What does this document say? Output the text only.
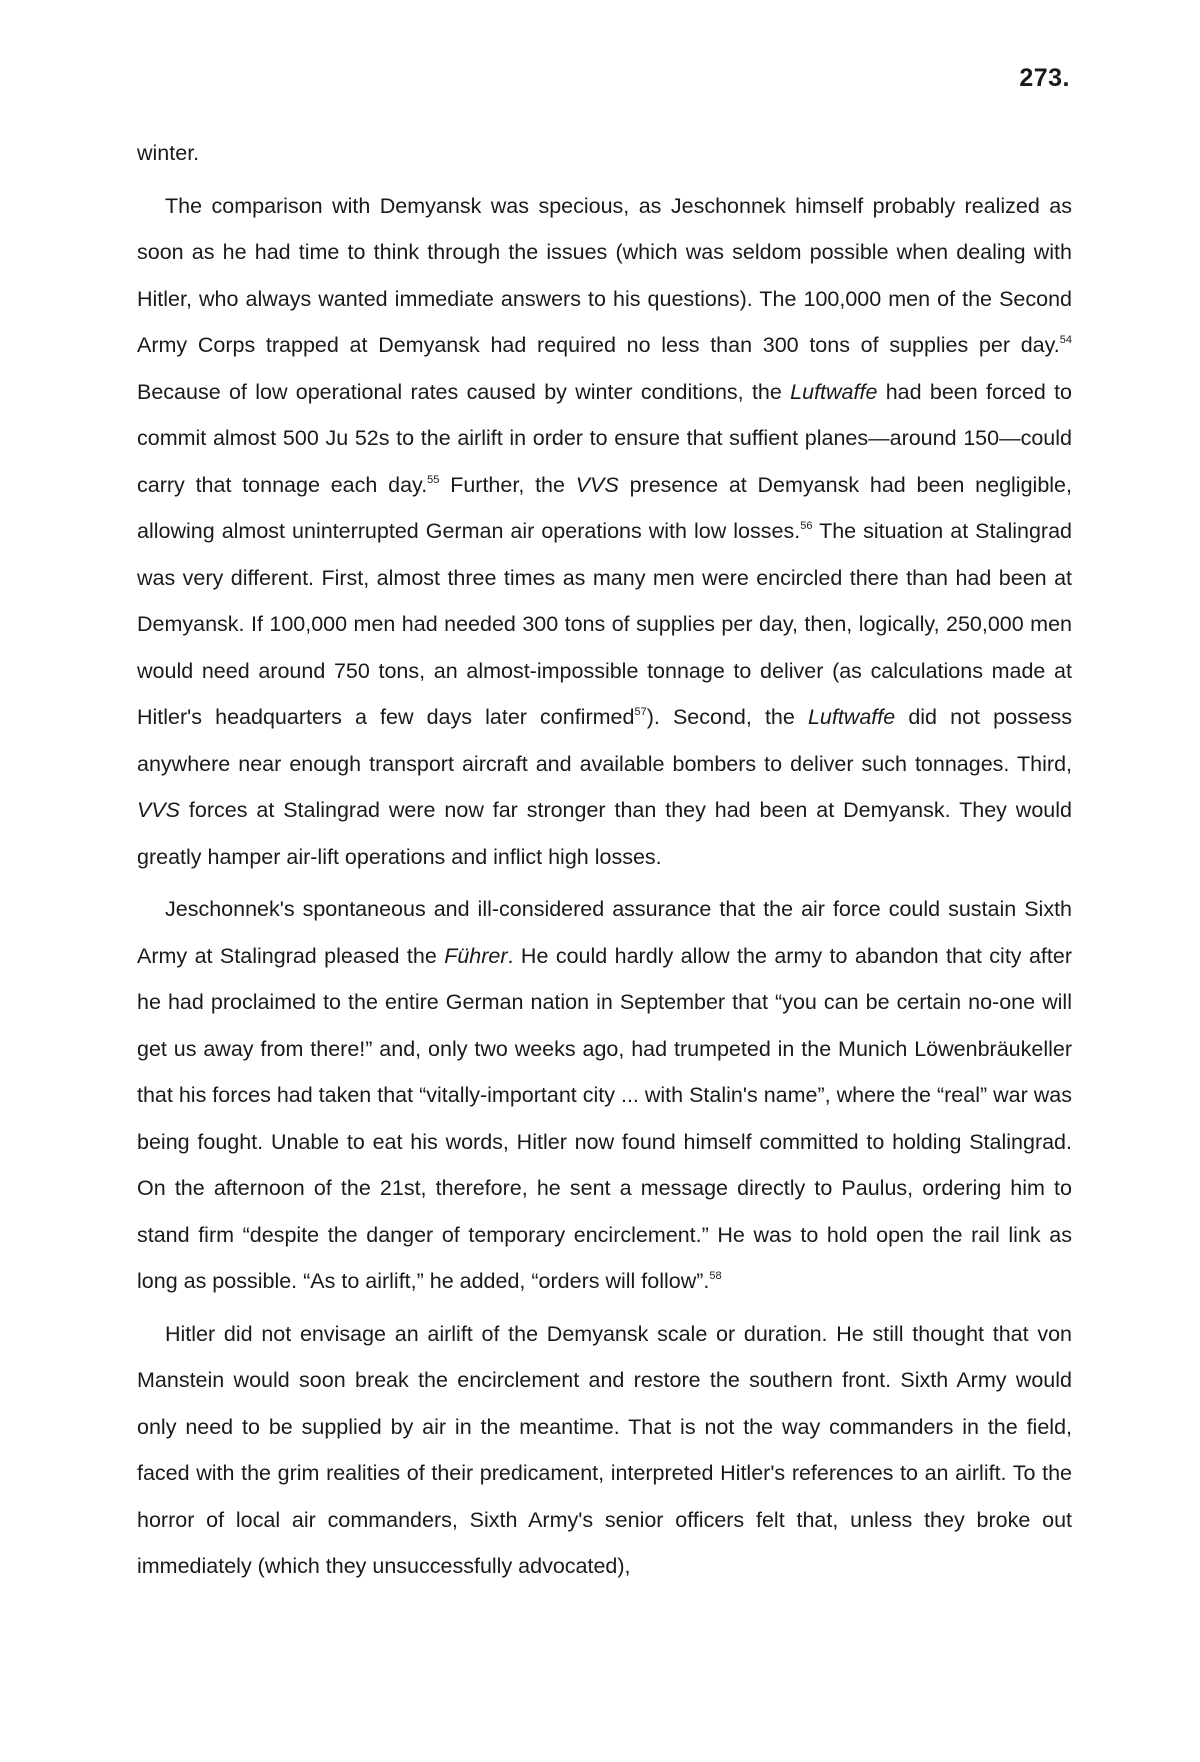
273.

winter.

The comparison with Demyansk was specious, as Jeschonnek himself probably realized as soon as he had time to think through the issues (which was seldom possible when dealing with Hitler, who always wanted immediate answers to his questions). The 100,000 men of the Second Army Corps trapped at Demyansk had required no less than 300 tons of supplies per day.$^{54}$ Because of low operational rates caused by winter conditions, the Luftwaffe had been forced to commit almost 500 Ju 52s to the airlift in order to ensure that suffient planes—around 150—could carry that tonnage each day.$^{55}$ Further, the VVS presence at Demyansk had been negligible, allowing almost uninterrupted German air operations with low losses.$^{56}$ The situation at Stalingrad was very different. First, almost three times as many men were encircled there than had been at Demyansk. If 100,000 men had needed 300 tons of supplies per day, then, logically, 250,000 men would need around 750 tons, an almost-impossible tonnage to deliver (as calculations made at Hitler's headquarters a few days later confirmed$^{57}$). Second, the Luftwaffe did not possess anywhere near enough transport aircraft and available bombers to deliver such tonnages. Third, VVS forces at Stalingrad were now far stronger than they had been at Demyansk. They would greatly hamper air-lift operations and inflict high losses.

Jeschonnek's spontaneous and ill-considered assurance that the air force could sustain Sixth Army at Stalingrad pleased the Führer. He could hardly allow the army to abandon that city after he had proclaimed to the entire German nation in September that “you can be certain no-one will get us away from there!” and, only two weeks ago, had trumpeted in the Munich Löwenbräukeller that his forces had taken that “vitally-important city ... with Stalin's name”, where the “real” war was being fought. Unable to eat his words, Hitler now found himself committed to holding Stalingrad. On the afternoon of the 21st, therefore, he sent a message directly to Paulus, ordering him to stand firm “despite the danger of temporary encirclement.” He was to hold open the rail link as long as possible. “As to airlift,” he added, “orders will follow”.$^{58}$

Hitler did not envisage an airlift of the Demyansk scale or duration. He still thought that von Manstein would soon break the encirclement and restore the southern front. Sixth Army would only need to be supplied by air in the meantime. That is not the way commanders in the field, faced with the grim realities of their predicament, interpreted Hitler's references to an airlift. To the horror of local air commanders, Sixth Army's senior officers felt that, unless they broke out immediately (which they unsuccessfully advocated),
